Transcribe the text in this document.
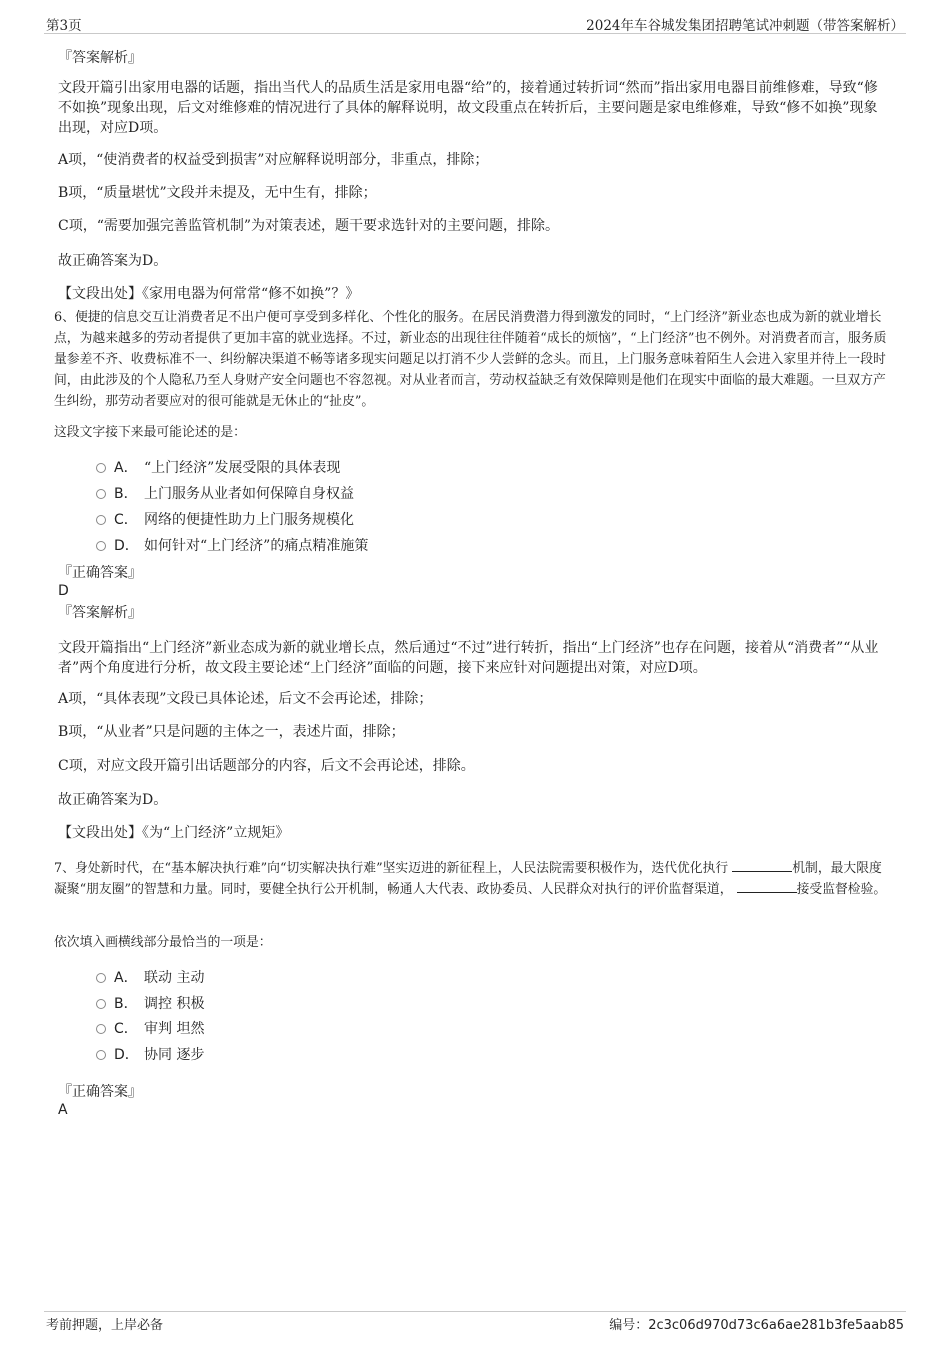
第3页	2024年车谷城发集团招聘笔试冲刺题（带答案解析）
『答案解析』
文段开篇引出家用电器的话题，指出当代人的品质生活是家用电器“给”的，接着通过转折词“然而”指出家用电器目前维修难，导致“修不如换”现象出现，后文对维修难的情况进行了具体的解释说明，故文段重点在转折后，主要问题是家电维修难，导致“修不如换”现象出现，对应D项。
A项，“使消费者的权益受到损害”对应解释说明部分，非重点，排除；
B项，“质量堪忧”文段并未提及，无中生有，排除；
C项，“需要加强完善监管机制”为对策表述，题干要求选针对的主要问题，排除。
故正确答案为D。
【文段出处】《家用电器为何常常“修不如换”？》
6、便捷的信息交互让消费者足不出户便可享受到多样化、个性化的服务。在居民消费潜力得到激发的同时，“上门经济”新业态也成为新的就业增长点，为越来越多的劳动者提供了更加丰富的就业选择。不过，新业态的出现往往伴随着“成长的烦恼”，“上门经济”也不例外。对消费者而言，服务质量参差不齐、收费标准不一、纠纷解决渠道不畅等诸多现实问题足以打消不少人尝鲜的念头。而且，上门服务意味着陌生人会进入家里并待上一段时间，由此涉及的个人隐私乃至人身财产安全问题也不容忽视。对从业者而言，劳动权益缺乏有效保障则是他们在现实中面临的最大难题。一旦双方产生纠纷，那劳动者要应对的很可能就是无休止的“扯皮”。
这段文字接下来最可能论述的是：
A． “上门经济”发展受限的具体表现
B． 上门服务从业者如何保障自身权益
C． 网络的便捷性助力上门服务规模化
D． 如何针对“上门经济”的痛点精准施策
『正确答案』
D
『答案解析』
文段开篇指出“上门经济”新业态成为新的就业增长点，然后通过“不过”进行转折，指出“上门经济”也存在问题，接着从“消费者”“从业者”两个角度进行分析，故文段主要论述“上门经济”面临的问题，接下来应针对问题提出对策，对应D项。
A项，“具体表现”文段已具体论述，后文不会再论述，排除；
B项，“从业者”只是问题的主体之一，表述片面，排除；
C项，对应文段开篇引出话题部分的内容，后文不会再论述，排除。
故正确答案为D。
【文段出处】《为“上门经济”立规矩》
7、身处新时代，在“基本解决执行难”向“切实解决执行难”坚实迈进的新征程上，人民法院需要积极作为，迭代优化执行	机制，最大限度凝聚“朋友圈”的智慧和力量。同时，要健全执行公开机制，畅通人大代表、政协委员、人民群众对执行的评价监督渠道，	接受监督检验。
依次填入画横线部分最恰当的一项是：
A． 联动 主动
B． 调控 积极
C． 审判 坦然
D． 协同 逐步
『正确答案』
A
考前押题，上岸必备	编号：2c3c06d970d73c6a6ae281b3fe5aab85
